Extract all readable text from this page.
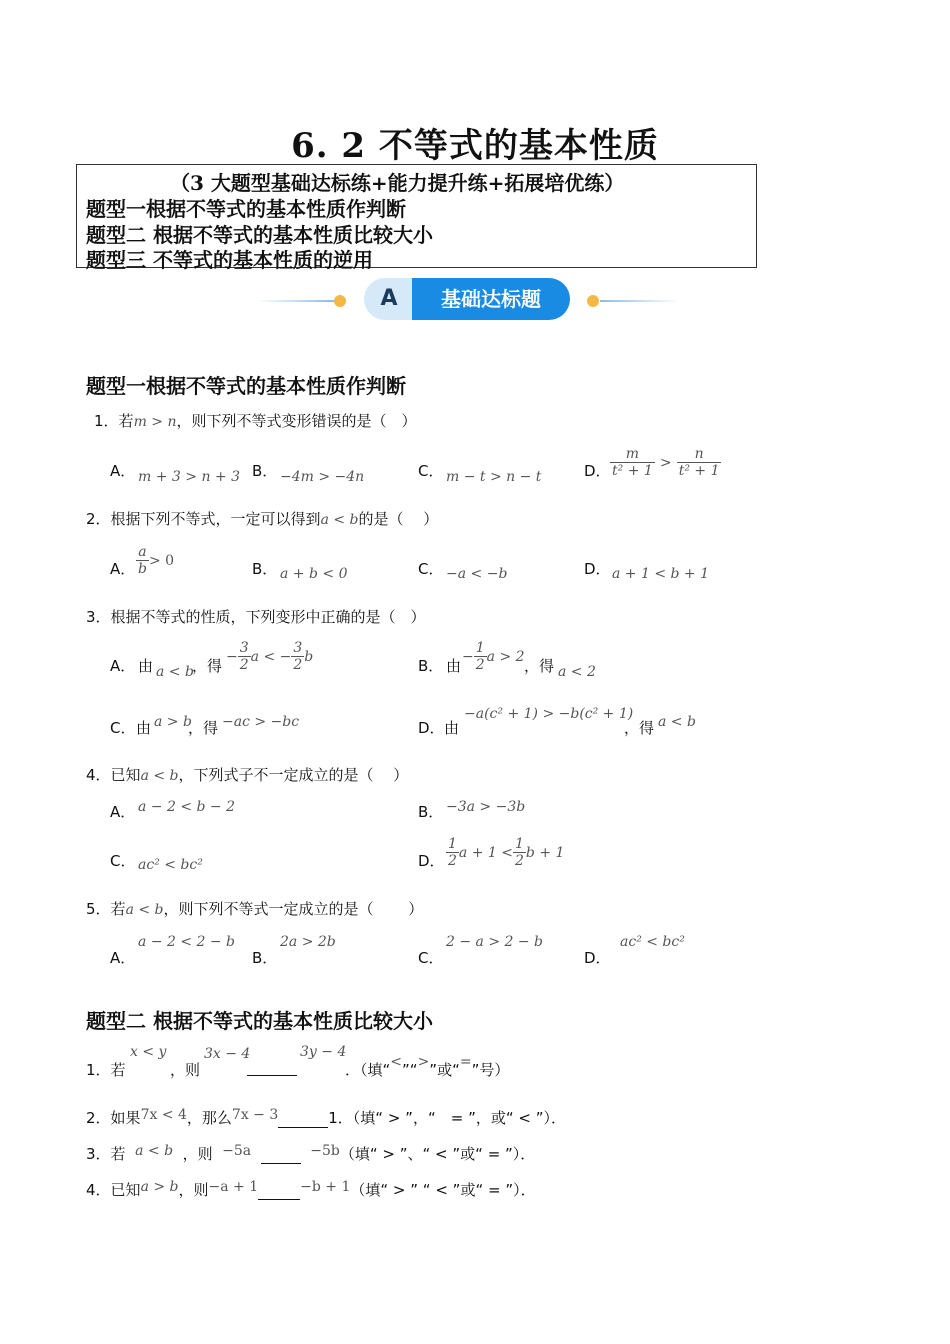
6. 2 不等式的基本性质
（3 大题型基础达标练+能力提升练+拓展培优练）
题型一根据不等式的基本性质作判断
题型二 根据不等式的基本性质比较大小
题型三 不等式的基本性质的逆用
A	基础达标题
题型一根据不等式的基本性质作判断
1．若m > n，则下列不等式变形错误的是（　）
A． m + 3 > n + 3 B． −4m > −4n	C． m − t > n − t	D． $\frac{m}{\text{t² + 1}} > \frac{n}{\text{t² + 1}}$
2．根据下列不等式，一定可以得到a < b的是（　 ）
A． $\frac{a}{b} > 0$	B． a + b < 0	C． −a < −b	D． a + 1 < b + 1
3．根据不等式的性质，下列变形中正确的是（　）
A． 由 a < b
，得 − $\frac{3}{2}$ a < − $\frac{3}{2}$ b	B． 由 − $\frac{1}{2}$ a > 2 ，得 a < 2
C． 由 a > b
，得 −ac > −bc	D． 由
−a(c² + 1) > −b(c² + 1)
，得 a < b
4．已知a < b，下列式子不一定成立的是（　 ）
A． a − 2 < b − 2	B． −3a > −3b
C． ac² < bc²	D． $\frac{1}{2}$ $a + 1 < \frac{1}{2}$ b + 1
5．若a < b，则下列不等式一定成立的是（　　 ）
a − 2 < 2 − b
A．
2a > 2b
B．
2 − a > 2 − b
C．
ac² < bc²
D．
题型二 根据不等式的基本性质比较大小
1．若
x < y
，则
3x − 4	3y − 4
．（填“<”“>”或“=”号）
2．如果7x < 4，那么7x − 3	1．（填“ > ”，“　= ”，或“ < ”）．
3．若 a < b ，则 −5a	−5b（填“ > ”、“ < ”或“ = ”）．
4．已知a > b，则−a + 1	−b + 1（填“ > ” “ < ”或“ = ”）．
